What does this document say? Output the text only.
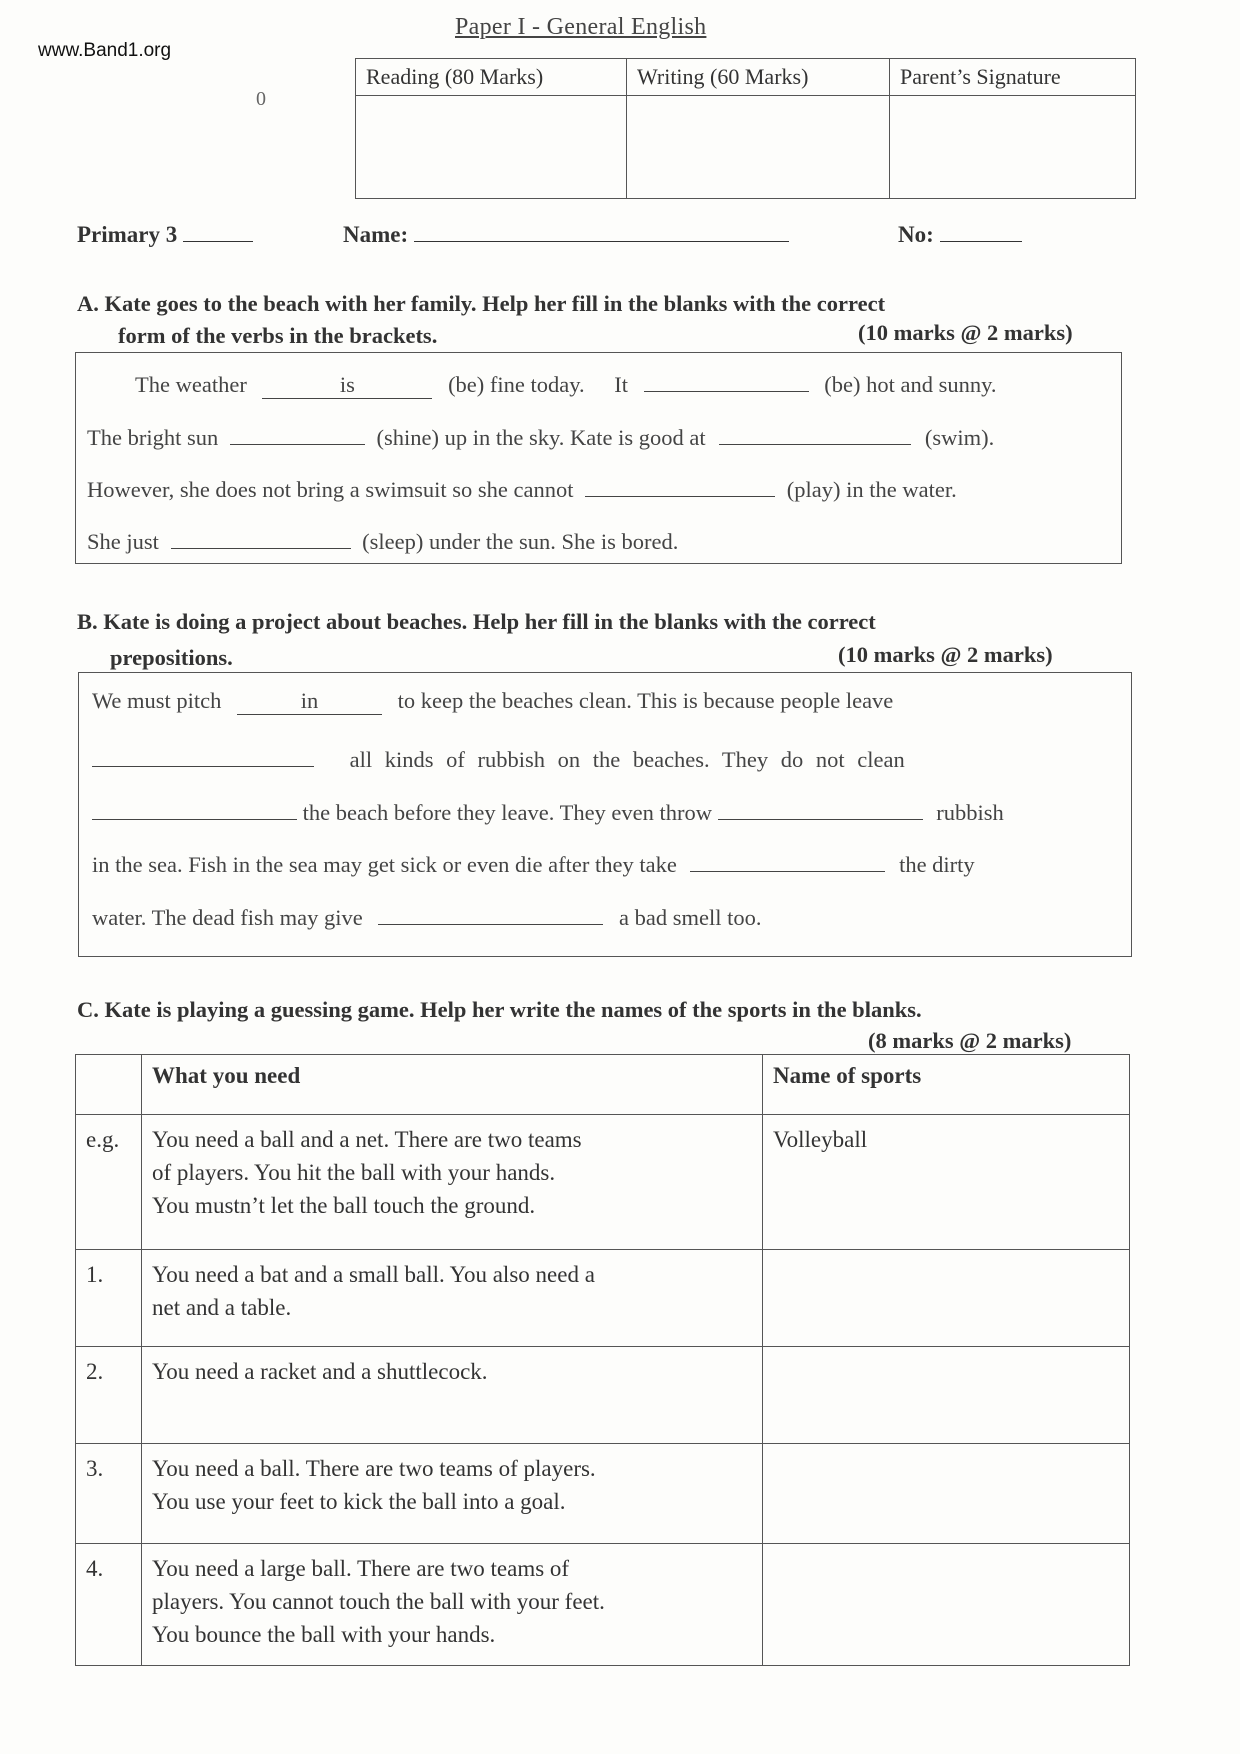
www.Band1.org
Paper I - General English
0
Reading (80 Marks)	Writing (60 Marks)	Parent’s Signature

Primary 3	Name:	No:
A. Kate goes to the beach with her family. Help her fill in the blanks with the correct
form of the verbs in the brackets.	(10 marks @ 2 marks)
The weather	is	(be) fine today. It	(be) hot and sunny.
The bright sun	(shine) up in the sky. Kate is good at	(swim).
However, she does not bring a swimsuit so she cannot	(play) in the water.
She just	(sleep) under the sun. She is bored.
B. Kate is doing a project about beaches. Help her fill in the blanks with the correct
prepositions.	(10 marks @ 2 marks)
We must pitch	in	to keep the beaches clean. This is because people leave
all kinds of rubbish on the beaches. They do not clean
the beach before they leave. They even throw	rubbish
in the sea. Fish in the sea may get sick or even die after they take	the dirty
water. The dead fish may give	a bad smell too.
C. Kate is playing a guessing game. Help her write the names of the sports in the blanks.
(8 marks @ 2 marks)
	What you need	Name of sports
e.g.	You need a ball and a net. There are two teams
of players. You hit the ball with your hands.
You mustn’t let the ball touch the ground.	Volleyball
1.	You need a bat and a small ball. You also need a
net and a table.	

2.	You need a racket and a shuttlecock.	

3.	You need a ball. There are two teams of players.
You use your feet to kick the ball into a goal.	

4.	You need a large ball. There are two teams of
players. You cannot touch the ball with your feet.
You bounce the ball with your hands.	
